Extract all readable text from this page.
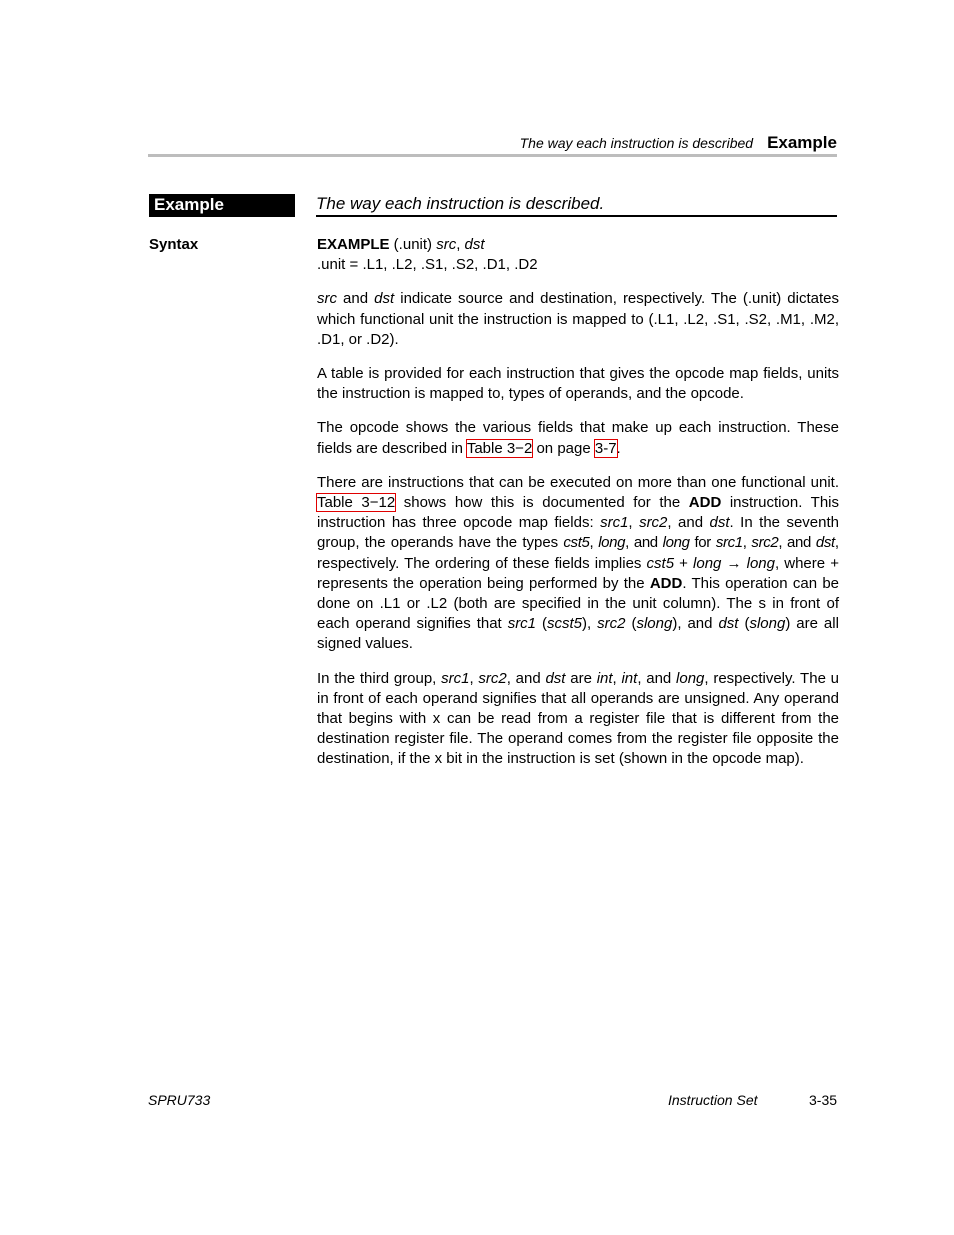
The way each instruction is described Example
Example	The way each instruction is described.
Syntax	EXAMPLE (.unit) src, dst
.unit = .L1, .L2, .S1, .S2, .D1, .D2

src and dst indicate source and destination, respectively. The (.unit) dictates which functional unit the instruction is mapped to (.L1, .L2, .S1, .S2, .M1, .M2, .D1, or .D2).

A table is provided for each instruction that gives the opcode map fields, units the instruction is mapped to, types of operands, and the opcode.

The opcode shows the various fields that make up each instruction. These fields are described in Table 3−2 on page 3-7.

There are instructions that can be executed on more than one functional unit. Table 3−12 shows how this is documented for the ADD instruction. This instruction has three opcode map fields: src1, src2, and dst. In the seventh group, the operands have the types cst5, long, and long for src1, src2, and dst, respectively. The ordering of these fields implies cst5 + long → long, where + represents the operation being performed by the ADD. This operation can be done on .L1 or .L2 (both are specified in the unit column). The s in front of each operand signifies that src1 (scst5), src2 (slong), and dst (slong) are all signed values.

In the third group, src1, src2, and dst are int, int, and long, respectively. The u in front of each operand signifies that all operands are unsigned. Any operand that begins with x can be read from a register file that is different from the destination register file. The operand comes from the register file opposite the destination, if the x bit in the instruction is set (shown in the opcode map).

SPRU733	Instruction Set	3-35
